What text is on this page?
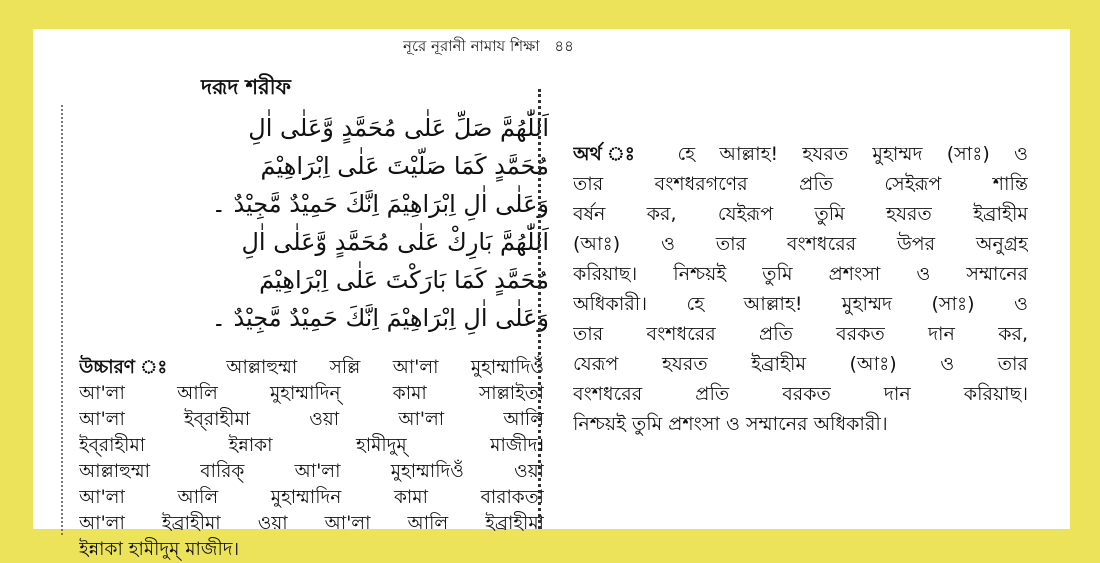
নূরে নূরানী নামায শিক্ষা ৪৪
দরূদ শরীফ
اَللّٰهُمَّ صَلِّ عَلٰى مُحَمَّدٍ وَّعَلٰى اٰلِ
مُحَمَّدٍ كَمَا صَلَّيْتَ عَلٰى اِبْرَاهِيْمَ
وَعَلٰى اٰلِ اِبْرَاهِيْمَ اِنَّكَ حَمِيْدٌ مَّجِيْدٌ ۔
اَللّٰهُمَّ بَارِكْ عَلٰى مُحَمَّدٍ وَّعَلٰى اٰلِ
مُحَمَّدٍ كَمَا بَارَكْتَ عَلٰى اِبْرَاهِيْمَ
وَعَلٰى اٰلِ اِبْرَاهِيْمَ اِنَّكَ حَمِيْدٌ مَّجِيْدٌ ۔
উচ্চারণ ঃ আল্লাহুম্মা সল্লি আ'লা মুহাম্মাদিওঁ
আ'লা আলি মুহাম্মাদিন্ কামা সাল্লাইতা
আ'লা ইব্‌রাহীমা ওয়া আ'লা আলি
ইব্‌রাহীমা ইন্নাকা হামীদুম্ মাজীদ।
আল্লাহুম্মা বারিক্ আ'লা মুহাম্মাদিওঁ ওয়া
আ'লা আলি মুহাম্মাদিন কামা বারাকতা
আ'লা ইব্রাহীমা ওয়া আ'লা আলি ইব্রাহীমা
ইন্নাকা হামীদুম্ মাজীদ।
অর্থ ঃ হে আল্লাহ! হযরত মুহাম্মদ (সাঃ) ও
তার বংশধরগণের প্রতি সেইরূপ শান্তি
বর্ষন কর, যেইরূপ তুমি হযরত ইব্রাহীম
(আঃ) ও তার বংশধরের উপর অনুগ্রহ
করিয়াছ। নিশ্চয়ই তুমি প্রশংসা ও সম্মানের
অধিকারী। হে আল্লাহ! মুহাম্মদ (সাঃ) ও
তার বংশধরের প্রতি বরকত দান কর,
যেরূপ হযরত ইব্রাহীম (আঃ) ও তার
বংশধরের প্রতি বরকত দান করিয়াছ।
নিশ্চয়ই তুমি প্রশংসা ও সম্মানের অধিকারী।
